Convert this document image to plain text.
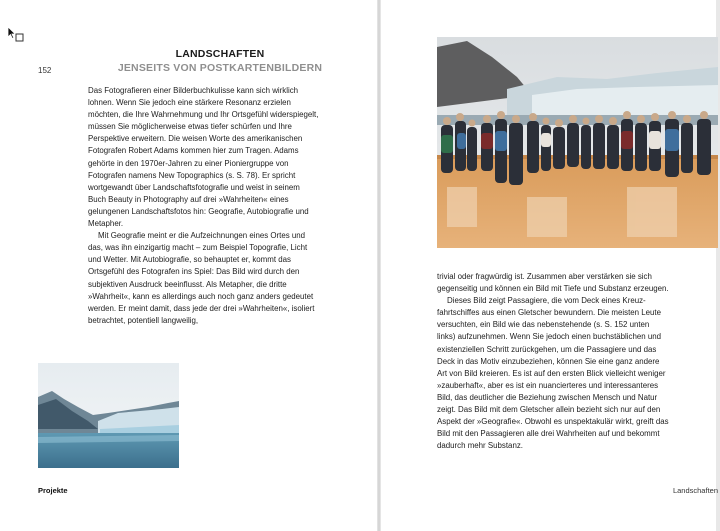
LANDSCHAFTEN
JENSEITS VON POSTKARTENBILDERN
152

Das Fotografieren einer Bilderbuchkulisse kann sich wirklich lohnen. Wenn Sie jedoch eine stärkere Resonanz erzielen möchten, die Ihre Wahrnehmung und Ihr Ortsgefühl widerspiegelt, müssen Sie möglicherweise etwas tiefer schürfen und Ihre Perspektive erweitern. Die weisen Worte des amerikanischen Fotografen Robert Adams kommen hier zum Tragen. Adams gehörte in den 1970er-Jahren zu einer Pioniergruppe von Fotografen namens New Topographics (s. S. 78). Er spricht wortgewandt über Landschaftsfotografie und weist in seinem Buch Beauty in Photography auf drei »Wahrheiten« eines gelungenen Landschaftsfotos hin: Geografie, Autobiografie und Metapher.

Mit Geografie meint er die Aufzeichnungen eines Ortes und das, was ihn einzigartig macht – zum Beispiel Topografie, Licht und Wetter. Mit Autobiografie, so behauptet er, kommt das Ortsgefühl des Fotografen ins Spiel: Das Bild wird durch den subjektiven Ausdruck beeinflusst. Als Metapher, die dritte »Wahrheit«, kann es allerdings auch noch ganz anders gedeutet werden. Er meint damit, dass jede der drei »Wahrheiten«, isoliert betrachtet, potentiell langweilig,

trivial oder fragwürdig ist. Zusammen aber verstärken sie sich gegenseitig und können ein Bild mit Tiefe und Substanz erzeugen.

Dieses Bild zeigt Passagiere, die vom Deck eines Kreuzfahrtschiffes aus einen Gletscher bewundern. Die meisten Leute versuchten, ein Bild wie das nebenstehende (s. S. 152 unten links) aufzunehmen. Wenn Sie jedoch einen buchstäblichen und existenziellen Schritt zurückgehen, um die Passagiere und das Deck in das Motiv einzubeziehen, können Sie eine ganz andere Art von Bild kreieren. Es ist auf den ersten Blick vielleicht weniger »zauberhaft«, aber es ist ein nuancierteres und interessanteres Bild, das deutlicher die Beziehung zwischen Mensch und Natur zeigt. Das Bild mit dem Gletscher allein bezieht sich nur auf den Aspekt der »Geografie«. Obwohl es unspektakulär wirkt, greift das Bild mit den Passagieren alle drei Wahrheiten auf und bekommt dadurch mehr Substanz.

Projekte	Landschaften
